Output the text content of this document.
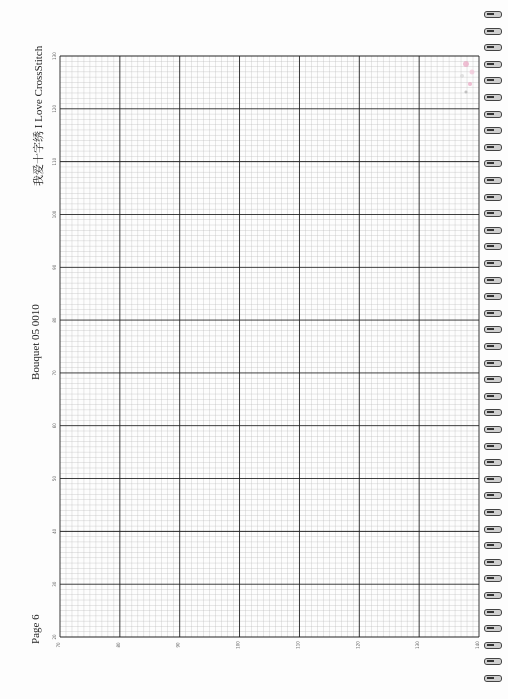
70	80	90	100	110	120	130	140
130
120
110
100
90
80
70
60
50
40
30
20
我爱十字绣 I Love CrossStitch
Bouquet 05 0010
Page 6
